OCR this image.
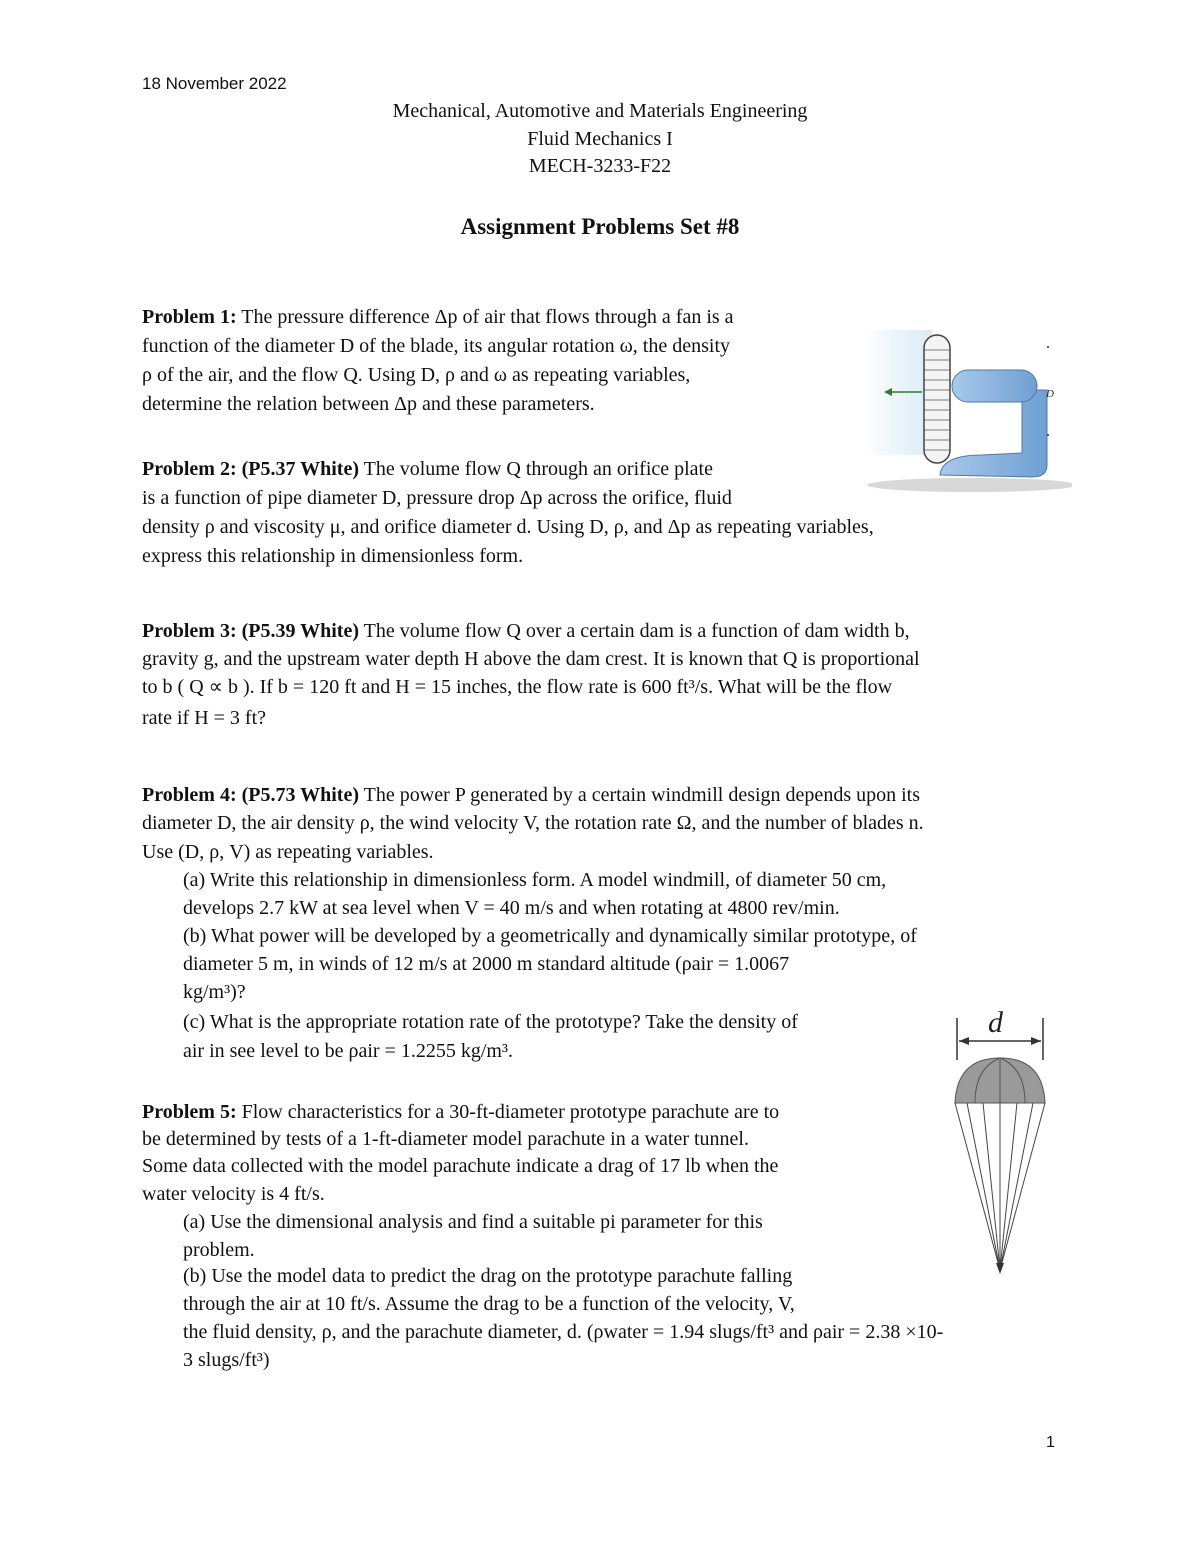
18 November 2022
Mechanical, Automotive and Materials Engineering
Fluid Mechanics I
MECH-3233-F22
Assignment Problems Set #8
Problem 1: The pressure difference Δp of air that flows through a fan is a
function of the diameter D of the blade, its angular rotation ω, the density
ρ of the air, and the flow Q. Using D, ρ and ω as repeating variables,
determine the relation between Δp and these parameters.
Problem 2: (P5.37 White) The volume flow Q through an orifice plate
is a function of pipe diameter D, pressure drop Δp across the orifice, fluid
density ρ and viscosity μ, and orifice diameter d. Using D, ρ, and Δp as repeating variables,
express this relationship in dimensionless form.
Problem 3: (P5.39 White) The volume flow Q over a certain dam is a function of dam width b,
gravity g, and the upstream water depth H above the dam crest. It is known that Q is proportional
to b ( Q ∝ b ). If b = 120 ft and H = 15 inches, the flow rate is 600 ft³/s. What will be the flow
rate if H = 3 ft?
Problem 4: (P5.73 White) The power P generated by a certain windmill design depends upon its
diameter D, the air density ρ, the wind velocity V, the rotation rate Ω, and the number of blades n.
Use (D, ρ, V) as repeating variables.
(a) Write this relationship in dimensionless form. A model windmill, of diameter 50 cm,
develops 2.7 kW at sea level when V = 40 m/s and when rotating at 4800 rev/min.
(b) What power will be developed by a geometrically and dynamically similar prototype, of
diameter 5 m, in winds of 12 m/s at 2000 m standard altitude (ρair = 1.0067
kg/m³)?
(c) What is the appropriate rotation rate of the prototype? Take the density of
air in see level to be ρair = 1.2255 kg/m³.
Problem 5: Flow characteristics for a 30-ft-diameter prototype parachute are to
be determined by tests of a 1-ft-diameter model parachute in a water tunnel.
Some data collected with the model parachute indicate a drag of 17 lb when the
water velocity is 4 ft/s.
(a) Use the dimensional analysis and find a suitable pi parameter for this
problem.
(b) Use the model data to predict the drag on the prototype parachute falling
through the air at 10 ft/s. Assume the drag to be a function of the velocity, V,
the fluid density, ρ, and the parachute diameter, d. (ρwater = 1.94 slugs/ft³ and ρair = 2.38 ×10-
3 slugs/ft³)
D
d
1
